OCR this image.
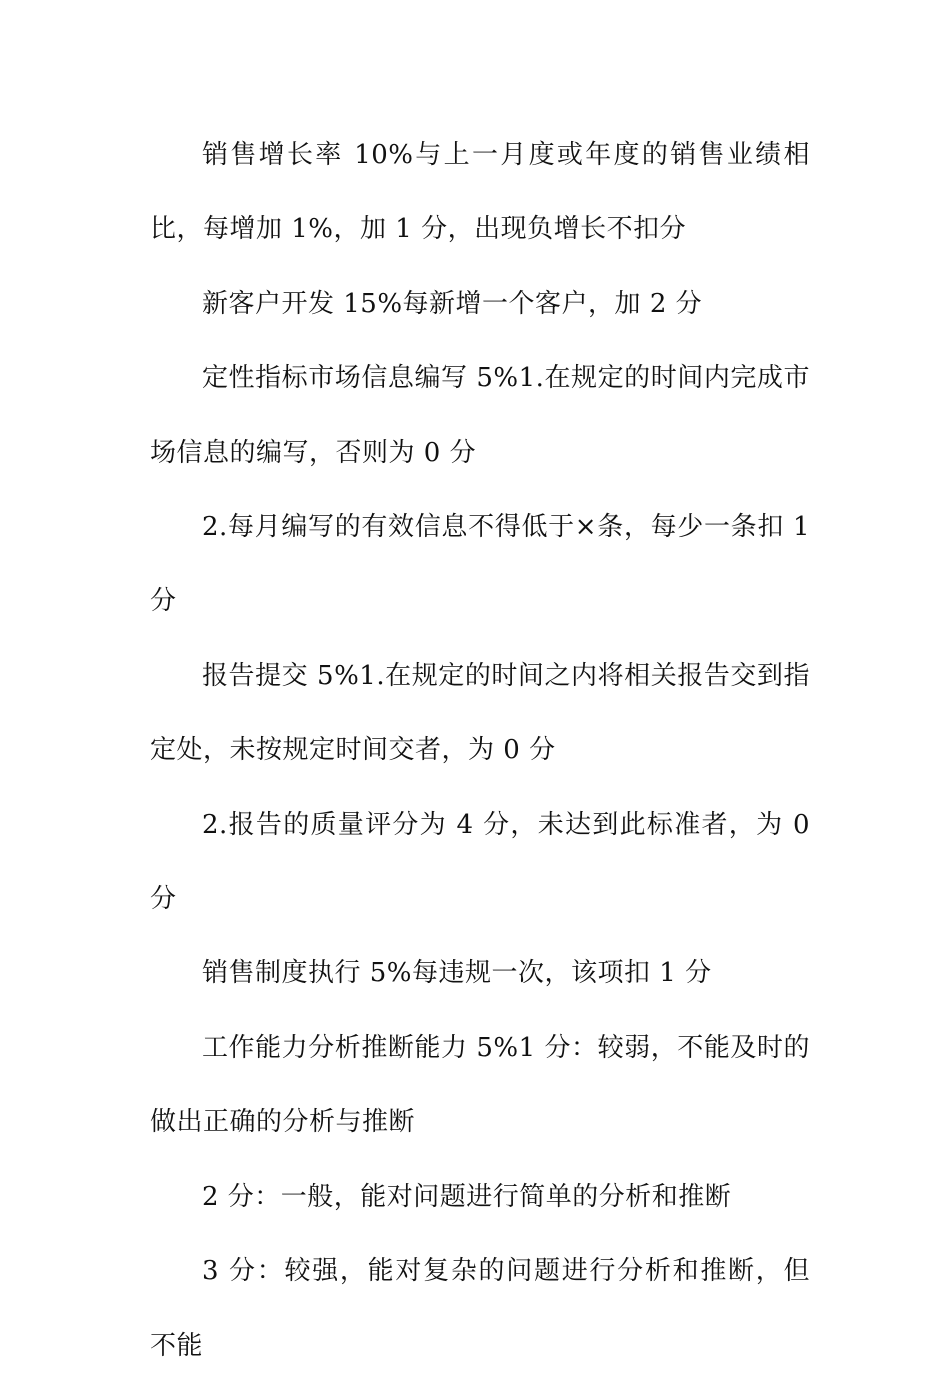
销售增长率 10%与上一月度或年度的销售业绩相比，每增加 1%，加 1 分，出现负增长不扣分

新客户开发 15%每新增一个客户，加 2 分

定性指标市场信息编写 5%1.在规定的时间内完成市场信息的编写，否则为 0 分

2.每月编写的有效信息不得低于×条，每少一条扣 1 分

报告提交 5%1.在规定的时间之内将相关报告交到指定处，未按规定时间交者，为 0 分

2.报告的质量评分为 4 分，未达到此标准者，为 0 分

销售制度执行 5%每违规一次，该项扣 1 分

工作能力分析推断能力 5%1 分：较弱，不能及时的做出正确的分析与推断

2 分：一般，能对问题进行简单的分析和推断

3 分：较强，能对复杂的问题进行分析和推断，但不能
